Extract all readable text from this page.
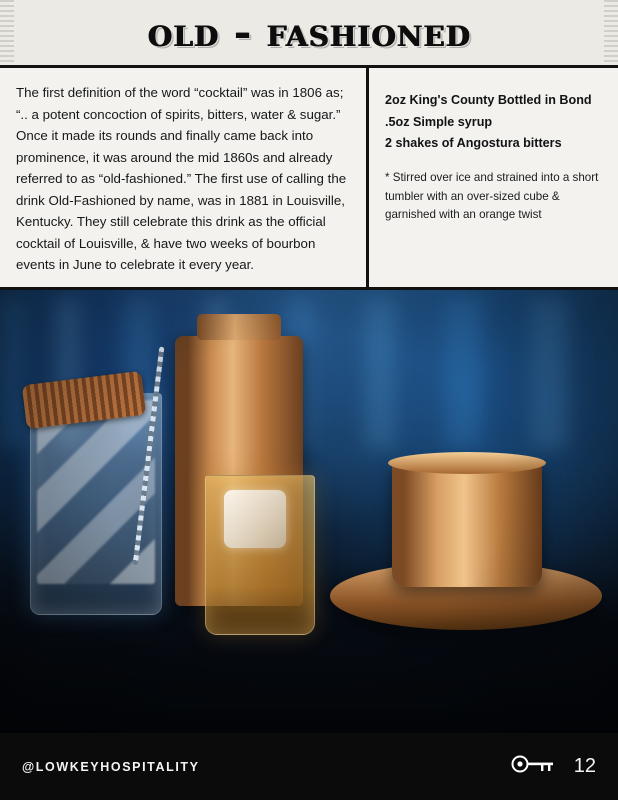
old - fashioned

The first definition of the word “cocktail” was in 1806 as; “.. a potent concoction of spirits, bitters, water & sugar.” Once it made its rounds and finally came back into prominence, it was around the mid 1860s and already referred to as “old-fashioned.” The first use of calling the drink Old-Fashioned by name, was in 1881 in Louisville, Kentucky. They still celebrate this drink as the official cocktail of Louisville, & have two weeks of bourbon events in June to celebrate it every year.

2oz King's County Bottled in Bond
.5oz Simple syrup
2 shakes of Angostura bitters

* Stirred over ice and strained into a short tumbler with an over-sized cube & garnished with an orange twist

@LOWKEYHOSPITALITY	12
